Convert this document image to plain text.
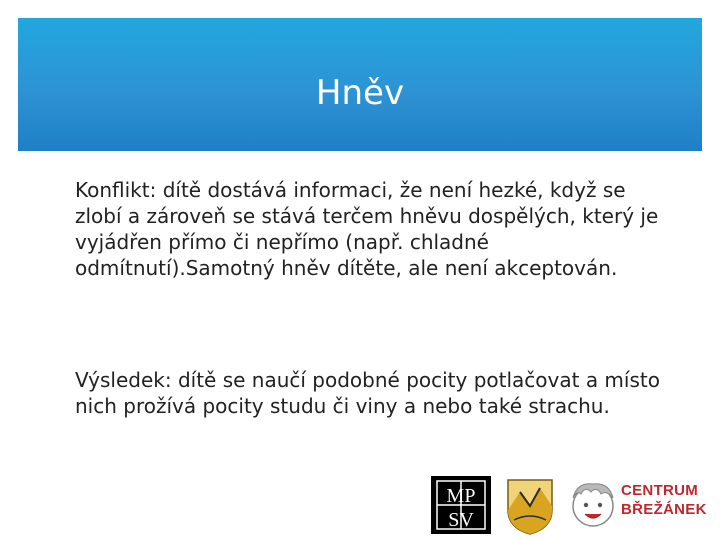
Hněv
Konflikt: dítě dostává informaci, že není hezké, když se zlobí a zároveň se stává terčem hněvu dospělých, který je vyjádřen přímo či nepřímo (např. chladné odmítnutí).Samotný hněv dítěte, ale není akceptován.
Výsledek: dítě se naučí podobné pocity potlačovat a místo nich prožívá pocity studu či viny a nebo také strachu.
MP
SV
CENTRUM
BŘEŽÁNEK
